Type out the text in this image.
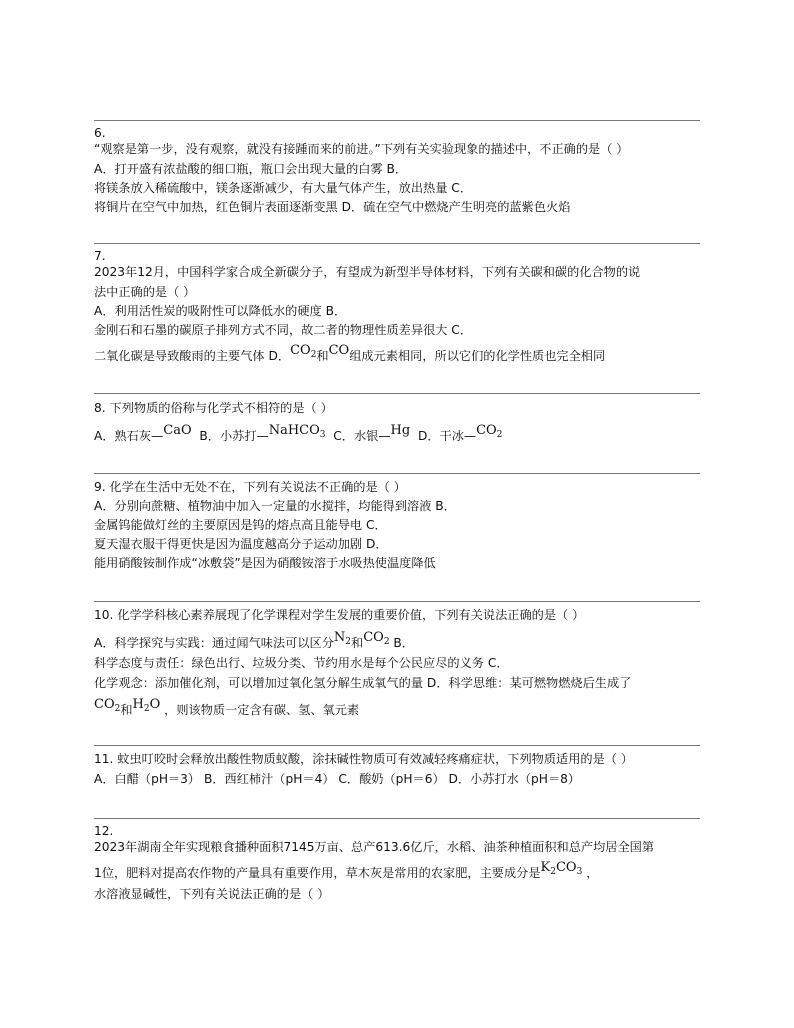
6.
“观察是第一步，没有观察，就没有接踵而来的前进。”下列有关实验现象的描述中，不正确的是（ ）
A．打开盛有浓盐酸的细口瓶，瓶口会出现大量的白雾 B．
将镁条放入稀硫酸中，镁条逐渐减少，有大量气体产生，放出热量 C．
将铜片在空气中加热，红色铜片表面逐渐变黑 D．硫在空气中燃烧产生明亮的蓝紫色火焰
7.
2023年12月，中国科学家合成全新碳分子，有望成为新型半导体材料，下列有关碳和碳的化合物的说
法中正确的是（ ）
A．利用活性炭的吸附性可以降低水的硬度 B．
金刚石和石墨的碳原子排列方式不同，故二者的物理性质差异很大 C．
二氧化碳是导致酸雨的主要气体 D．$CO_2$和CO组成元素相同，所以它们的化学性质也完全相同
8. 下列物质的俗称与化学式不相符的是（ ）
A．熟石灰—CaO B．小苏打—NaHCO$_3$ C．水银—Hg D．干冰$—CO_2$
9. 化学在生活中无处不在，下列有关说法不正确的是（ ）
A．分别向蔗糖、植物油中加入一定量的水搅拌，均能得到溶液 B．
金属钨能做灯丝的主要原因是钨的熔点高且能导电 C．
夏天湿衣服干得更快是因为温度越高分子运动加剧 D．
能用硝酸铵制作成“冰敷袋”是因为硝酸铵溶于水吸热使温度降低
10. 化学学科核心素养展现了化学课程对学生发展的重要价值，下列有关说法正确的是（ ）
A．科学探究与实践：通过闻气味法可以区分$N_2$和$CO_2$ B．
科学态度与责任：绿色出行、垃圾分类、节约用水是每个公民应尽的义务 C．
化学观念：添加催化剂，可以增加过氧化氢分解生成氧气的量 D．科学思维：某可燃物燃烧后生成了
$CO_2$和$H_2O$ ，则该物质一定含有碳、氢、氧元素
11. 蚊虫叮咬时会释放出酸性物质蚁酸，涂抹碱性物质可有效减轻疼痛症状，下列物质适用的是（ ）
A．白醋（pH＝3） B．西红柿汁（pH＝4） C．酸奶（pH＝6） D．小苏打水（pH＝8）
12.
2023年湖南全年实现粮食播种面积7145万亩、总产613.6亿斤，水稻、油茶种植面积和总产均居全国第
1位，肥料对提高农作物的产量具有重要作用，草木灰是常用的农家肥，主要成分是$K_2CO_3$ ，
水溶液显碱性，下列有关说法正确的是（ ）
